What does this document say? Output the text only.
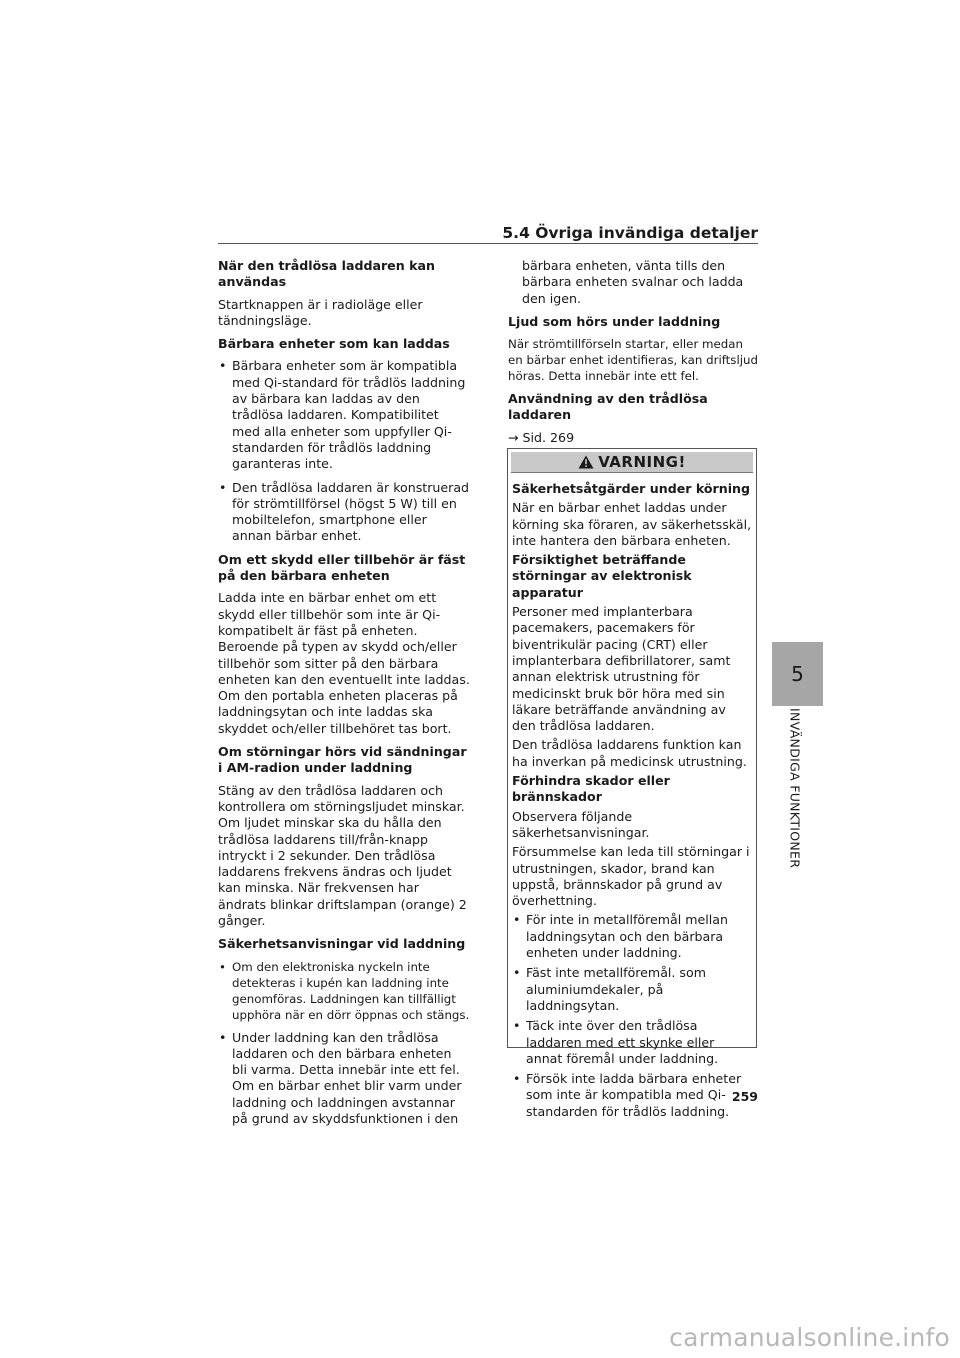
5.4 Övriga invändiga detaljer

När den trådlösa laddaren kan användas

Startknappen är i radioläge eller tändningsläge.

Bärbara enheter som kan laddas

• Bärbara enheter som är kompatibla med Qi-standard för trådlös laddning av bärbara kan laddas av den trådlösa laddaren. Kompatibilitet med alla enheter som uppfyller Qi-standarden för trådlös laddning garanteras inte.
• Den trådlösa laddaren är konstruerad för strömtillförsel (högst 5 W) till en mobiltelefon, smartphone eller annan bärbar enhet.

Om ett skydd eller tillbehör är fäst på den bärbara enheten

Ladda inte en bärbar enhet om ett skydd eller tillbehör som inte är Qi-kompatibelt är fäst på enheten. Beroende på typen av skydd och/eller tillbehör som sitter på den bärbara enheten kan den eventuellt inte laddas. Om den portabla enheten placeras på laddningsytan och inte laddas ska skyddet och/eller tillbehöret tas bort.

Om störningar hörs vid sändningar i AM-radion under laddning

Stäng av den trådlösa laddaren och kontrollera om störningsljudet minskar. Om ljudet minskar ska du hålla den trådlösa laddarens till/från-knapp intryckt i 2 sekunder. Den trådlösa laddarens frekvens ändras och ljudet kan minska. När frekvensen har ändrats blinkar driftslampan (orange) 2 gånger.

Säkerhetsanvisningar vid laddning

• Om den elektroniska nyckeln inte detekteras i kupén kan laddning inte genomföras. Laddningen kan tillfälligt upphöra när en dörr öppnas och stängs.
• Under laddning kan den trådlösa laddaren och den bärbara enheten bli varma. Detta innebär inte ett fel. Om en bärbar enhet blir varm under laddning och laddningen avstannar på grund av skyddsfunktionen i den
bärbara enheten, vänta tills den bärbara enheten svalnar och ladda den igen.

Ljud som hörs under laddning

När strömtillförseln startar, eller medan en bärbar enhet identifieras, kan driftsljud höras. Detta innebär inte ett fel.

Användning av den trådlösa laddaren

→ Sid. 269

VARNING!

Säkerhetsåtgärder under körning

När en bärbar enhet laddas under körning ska föraren, av säkerhetsskäl, inte hantera den bärbara enheten.

Försiktighet beträffande störningar av elektronisk apparatur

Personer med implanterbara pacemakers, pacemakers för biventrikulär pacing (CRT) eller implanterbara defibrillatorer, samt annan elektrisk utrustning för medicinskt bruk bör höra med sin läkare beträffande användning av den trådlösa laddaren.

Den trådlösa laddarens funktion kan ha inverkan på medicinsk utrustning.

Förhindra skador eller brännskador

Observera följande säkerhetsanvisningar.

Försummelse kan leda till störningar i utrustningen, skador, brand kan uppstå, brännskador på grund av överhettning.

• För inte in metallföremål mellan laddningsytan och den bärbara enheten under laddning.
• Fäst inte metallföremål. som aluminiumdekaler, på laddningsytan.
• Täck inte över den trådlösa laddaren med ett skynke eller annat föremål under laddning.
• Försök inte ladda bärbara enheter som inte är kompatibla med Qi-standarden för trådlös laddning.
5
INVÄNDIGA FUNKTIONER
259
carmanualsonline.info
